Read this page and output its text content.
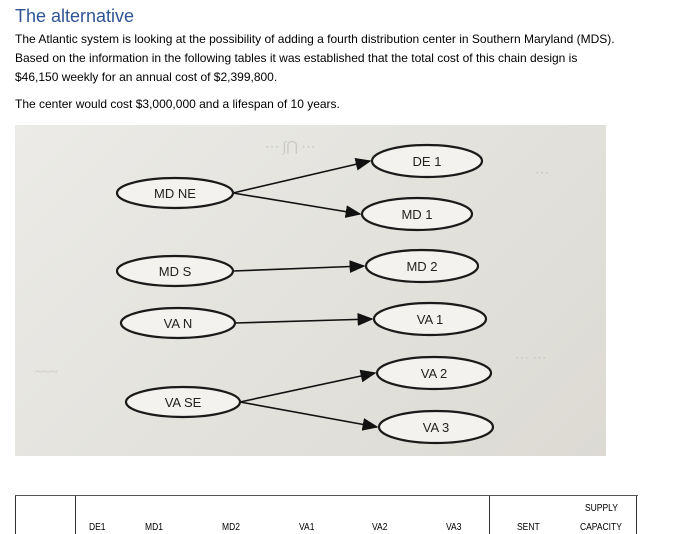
The alternative
The Atlantic system is looking at the possibility of adding a fourth distribution center in Southern Maryland (MDS). Based on the information in the following tables it was established that the total cost of this chain design is $46,150 weekly for an annual cost of $2,399,800.
The center would cost $3,000,000 and a lifespan of 10 years.
⋯ ∫⋂ ⋯
⋯
~~~
⋯ ⋯
MD NE
MD S
VA N
VA SE
DE 1
MD 1
MD 2
VA 1
VA 2
VA 3
DE1	MD1	MD2	VA1	VA2	VA3	SENT
SUPPLY
CAPACITY
